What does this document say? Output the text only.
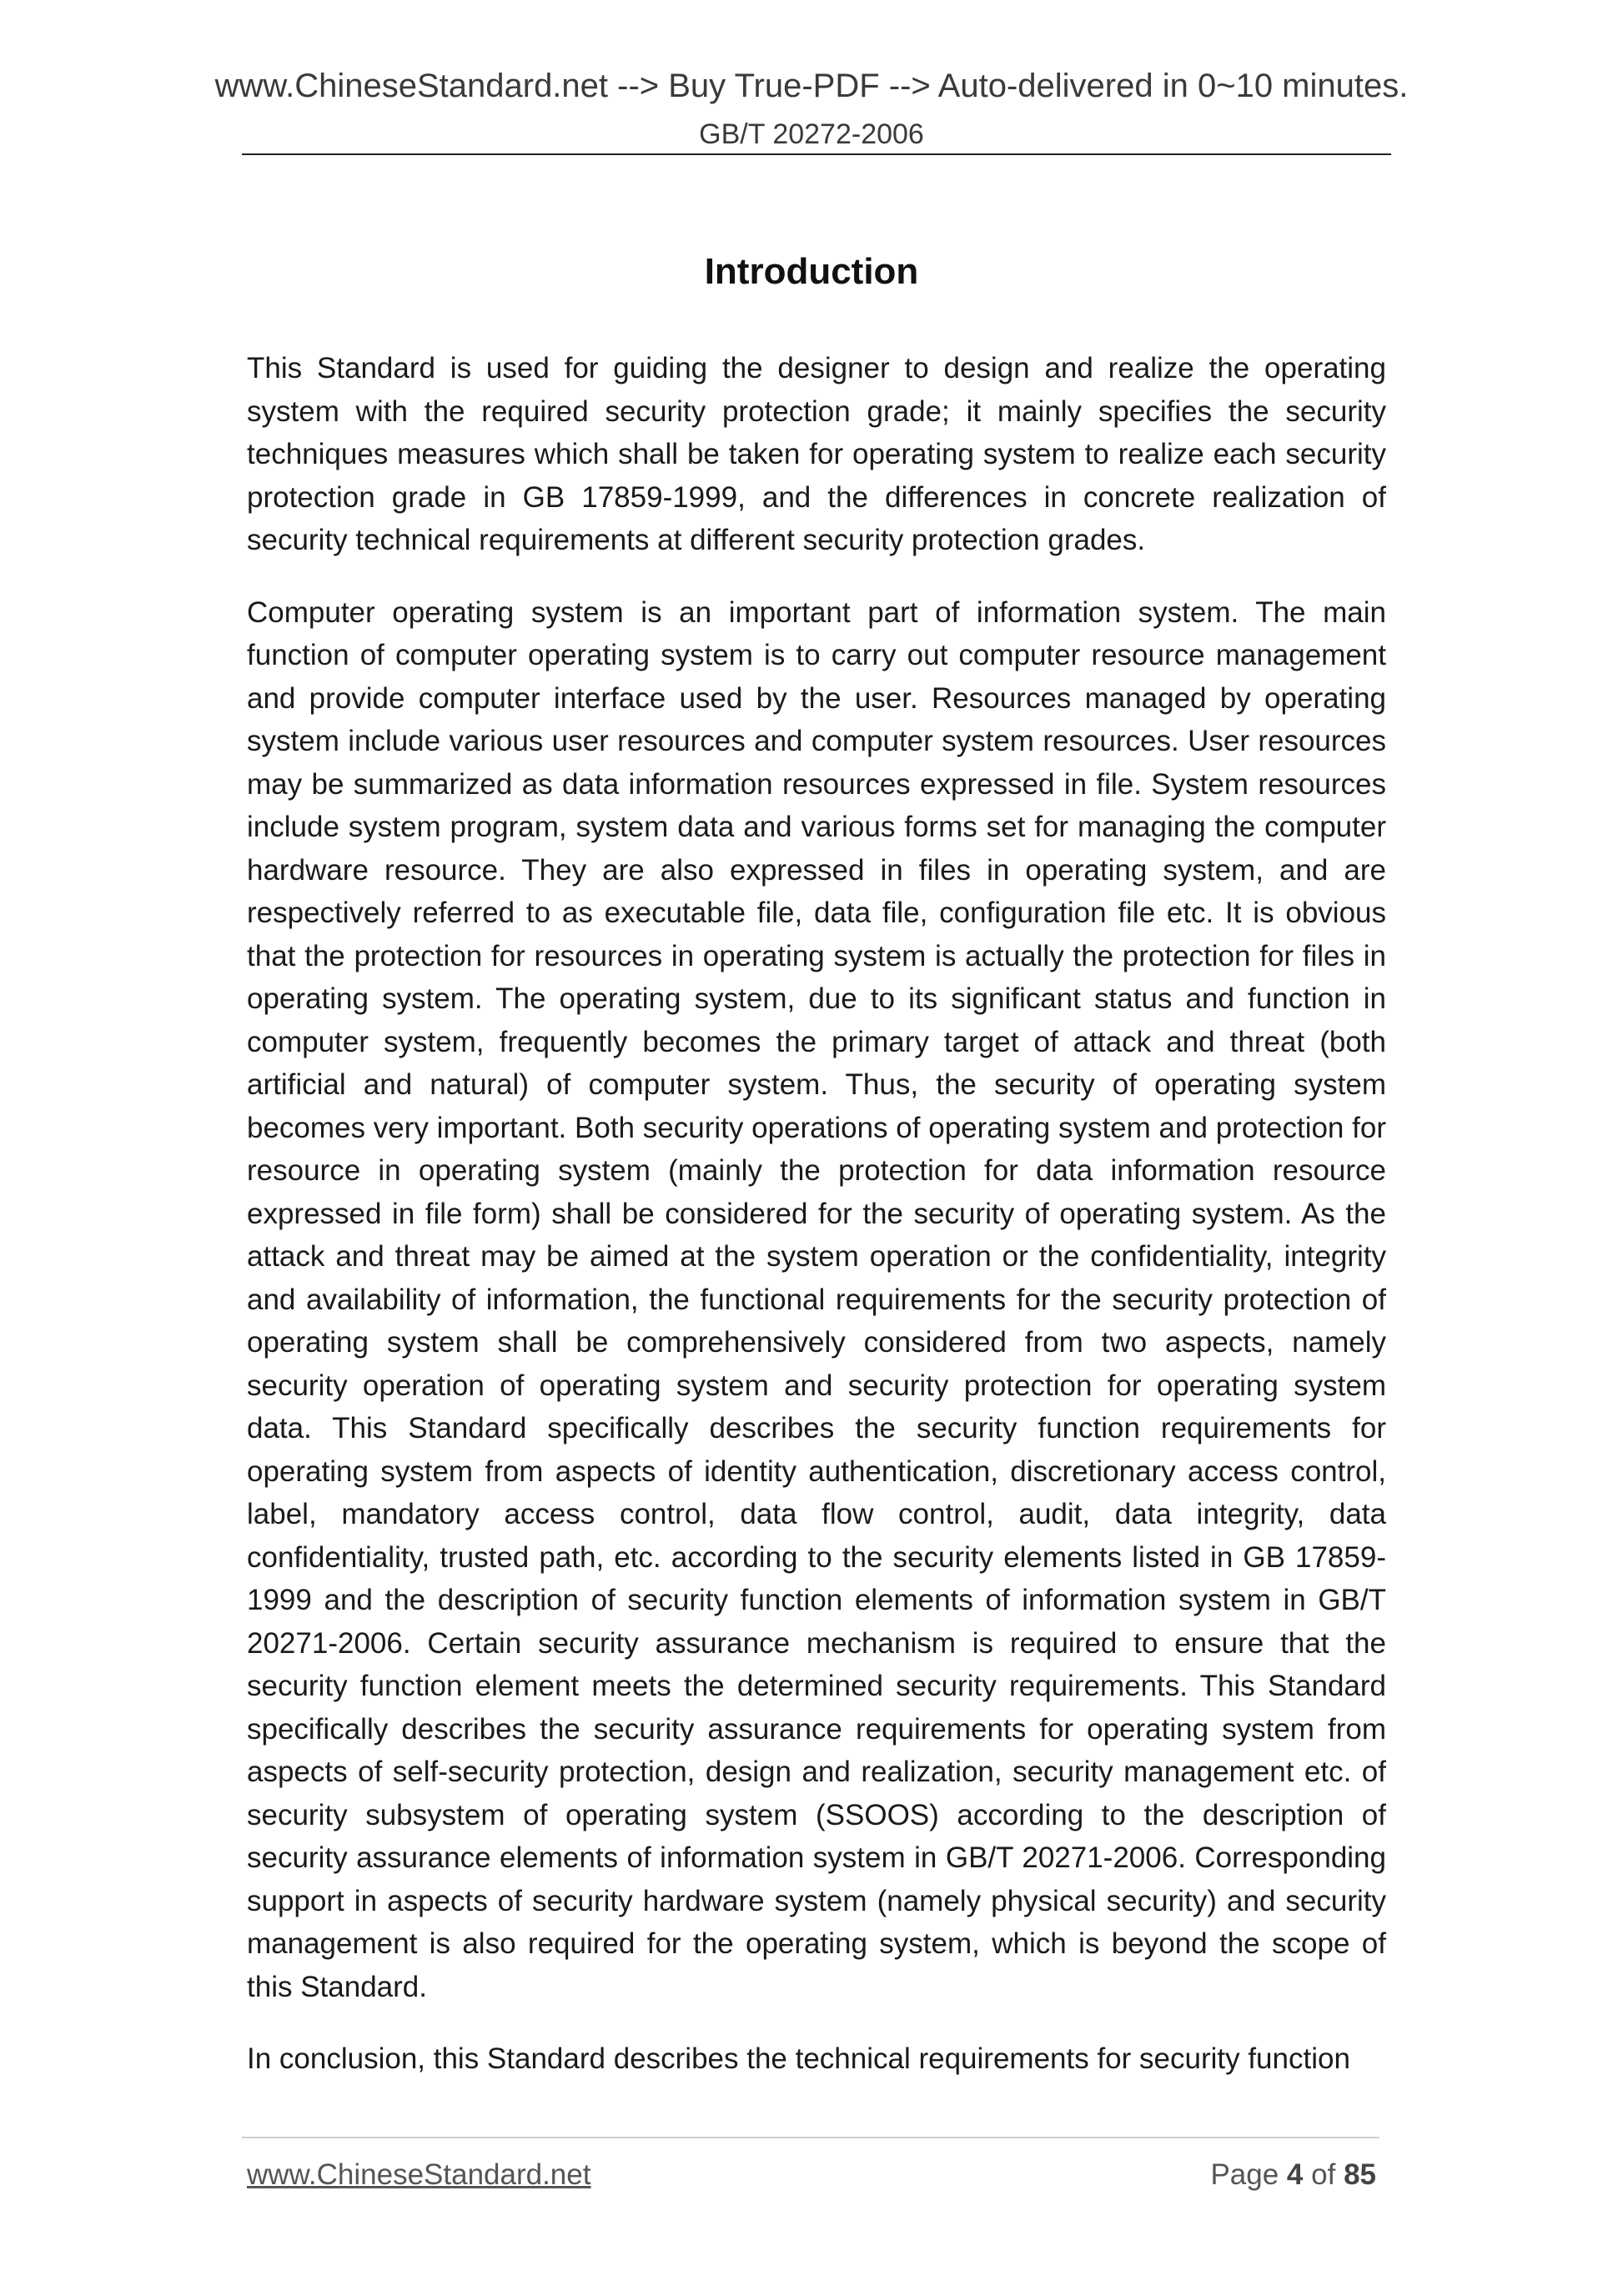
www.ChineseStandard.net --> Buy True-PDF --> Auto-delivered in 0~10 minutes.
GB/T 20272-2006
Introduction

This Standard is used for guiding the designer to design and realize the operating system with the required security protection grade; it mainly specifies the security techniques measures which shall be taken for operating system to realize each security protection grade in GB 17859-1999, and the differences in concrete realization of security technical requirements at different security protection grades.

Computer operating system is an important part of information system. The main function of computer operating system is to carry out computer resource management and provide computer interface used by the user. Resources managed by operating system include various user resources and computer system resources. User resources may be summarized as data information resources expressed in file. System resources include system program, system data and various forms set for managing the computer hardware resource. They are also expressed in files in operating system, and are respectively referred to as executable file, data file, configuration file etc. It is obvious that the protection for resources in operating system is actually the protection for files in operating system. The operating system, due to its significant status and function in computer system, frequently becomes the primary target of attack and threat (both artificial and natural) of computer system. Thus, the security of operating system becomes very important. Both security operations of operating system and protection for resource in operating system (mainly the protection for data information resource expressed in file form) shall be considered for the security of operating system. As the attack and threat may be aimed at the system operation or the confidentiality, integrity and availability of information, the functional requirements for the security protection of operating system shall be comprehensively considered from two aspects, namely security operation of operating system and security protection for operating system data. This Standard specifically describes the security function requirements for operating system from aspects of identity authentication, discretionary access control, label, mandatory access control, data flow control, audit, data integrity, data confidentiality, trusted path, etc. according to the security elements listed in GB 17859-1999 and the description of security function elements of information system in GB/T 20271-2006. Certain security assurance mechanism is required to ensure that the security function element meets the determined security requirements. This Standard specifically describes the security assurance requirements for operating system from aspects of self-security protection, design and realization, security management etc. of security subsystem of operating system (SSOOS) according to the description of security assurance elements of information system in GB/T 20271-2006. Corresponding support in aspects of security hardware system (namely physical security) and security management is also required for the operating system, which is beyond the scope of this Standard.

In conclusion, this Standard describes the technical requirements for security function

www.ChineseStandard.net	Page 4 of 85
